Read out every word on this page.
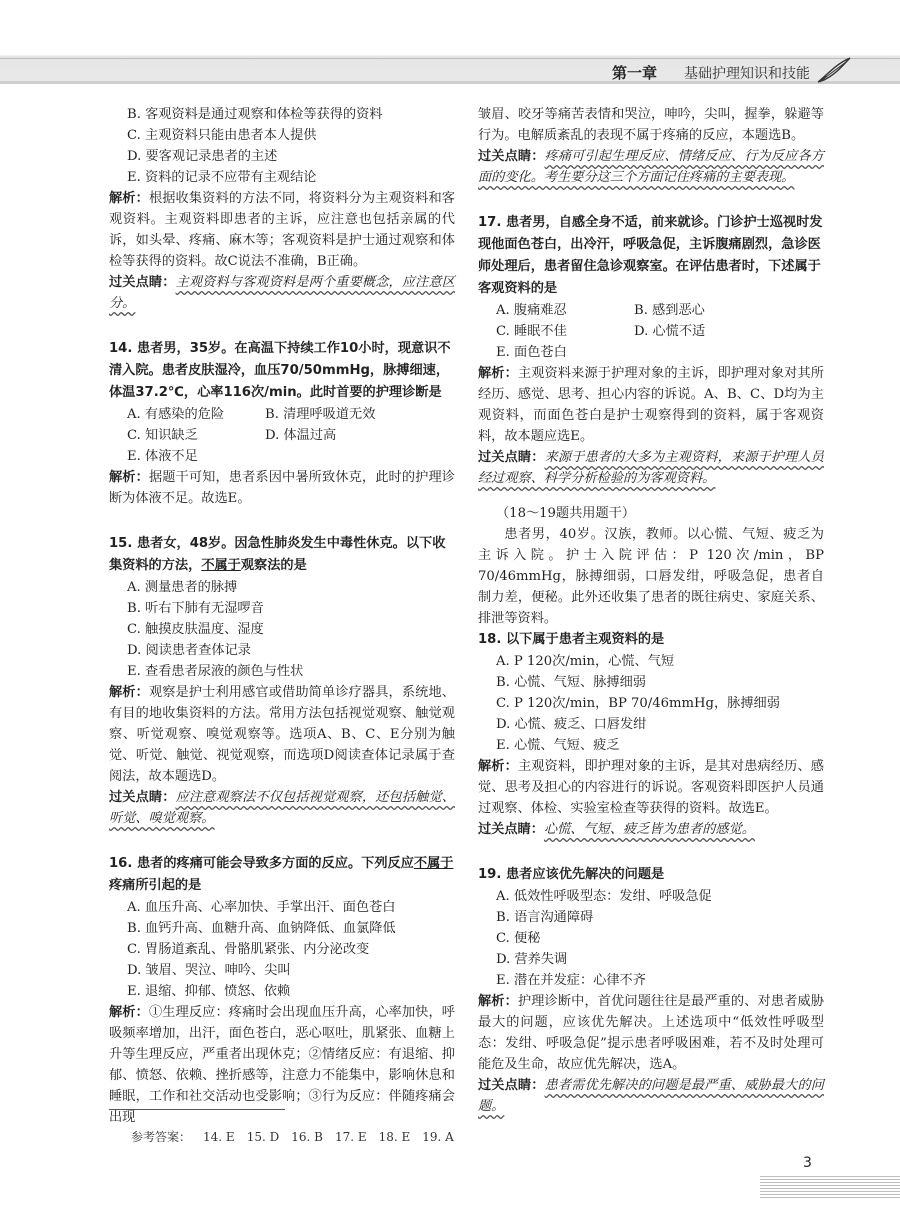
第一章 基础护理知识和技能

B. 客观资料是通过观察和体检等获得的资料

C. 主观资料只能由患者本人提供

D. 要客观记录患者的主述

E. 资料的记录不应带有主观结论

解析：根据收集资料的方法不同，将资料分为主观资料和客观资料。主观资料即患者的主诉，应注意也包括亲属的代诉，如头晕、疼痛、麻木等；客观资料是护士通过观察和体检等获得的资料。故C说法不准确，B正确。

过关点睛：主观资料与客观资料是两个重要概念，应注意区分。

14. 患者男，35岁。在高温下持续工作10小时，现意识不清入院。患者皮肤湿冷，血压70/50mmHg，脉搏细速，体温37.2℃，心率116次/min。此时首要的护理诊断是

A. 有感染的危险	B. 清理呼吸道无效
C. 知识缺乏	D. 体温过高

E. 体液不足

解析：据题干可知，患者系因中暑所致休克，此时的护理诊断为体液不足。故选E。

15. 患者女，48岁。因急性肺炎发生中毒性休克。以下收集资料的方法，不属于观察法的是

A. 测量患者的脉搏

B. 听右下肺有无湿啰音

C. 触摸皮肤温度、湿度

D. 阅读患者查体记录

E. 查看患者尿液的颜色与性状

解析：观察是护士利用感官或借助简单诊疗器具，系统地、有目的地收集资料的方法。常用方法包括视觉观察、触觉观察、听觉观察、嗅觉观察等。选项A、B、C、E分别为触觉、听觉、触觉、视觉观察，而选项D阅读查体记录属于查阅法，故本题选D。

过关点睛：应注意观察法不仅包括视觉观察，还包括触觉、听觉、嗅觉观察。

16. 患者的疼痛可能会导致多方面的反应。下列反应不属于疼痛所引起的是

A. 血压升高、心率加快、手掌出汗、面色苍白

B. 血钙升高、血糖升高、血钠降低、血氯降低

C. 胃肠道紊乱、骨骼肌紧张、内分泌改变

D. 皱眉、哭泣、呻吟、尖叫

E. 退缩、抑郁、愤怒、依赖

解析：①生理反应：疼痛时会出现血压升高，心率加快，呼吸频率增加，出汗，面色苍白，恶心呕吐，肌紧张、血糖上升等生理反应，严重者出现休克；②情绪反应：有退缩、抑郁、愤怒、依赖、挫折感等，注意力不能集中，影响休息和睡眠，工作和社交活动也受影响；③行为反应：伴随疼痛会出现

皱眉、咬牙等痛苦表情和哭泣，呻吟，尖叫，握拳，躲避等行为。电解质紊乱的表现不属于疼痛的反应，本题选B。

过关点睛：疼痛可引起生理反应、情绪反应、行为反应各方面的变化。考生要分这三个方面记住疼痛的主要表现。

17. 患者男，自感全身不适，前来就诊。门诊护士巡视时发现他面色苍白，出冷汗，呼吸急促，主诉腹痛剧烈，急诊医师处理后，患者留住急诊观察室。在评估患者时，下述属于客观资料的是

A. 腹痛难忍	B. 感到恶心
C. 睡眠不佳	D. 心慌不适

E. 面色苍白

解析：主观资料来源于护理对象的主诉，即护理对象对其所经历、感觉、思考、担心内容的诉说。A、B、C、D均为主观资料，而面色苍白是护士观察得到的资料，属于客观资料，故本题应选E。

过关点睛：来源于患者的大多为主观资料，来源于护理人员经过观察、科学分析检验的为客观资料。

（18～19题共用题干）

患者男，40岁。汉族，教师。以心慌、气短、疲乏为主诉入院。护士入院评估：P 120次/min，BP 70/46mmHg，脉搏细弱，口唇发绀，呼吸急促，患者自制力差，便秘。此外还收集了患者的既往病史、家庭关系、排泄等资料。

18. 以下属于患者主观资料的是

A. P 120次/min，心慌、气短

B. 心慌、气短、脉搏细弱

C. P 120次/min，BP 70/46mmHg，脉搏细弱

D. 心慌、疲乏、口唇发绀

E. 心慌、气短、疲乏

解析：主观资料，即护理对象的主诉，是其对患病经历、感觉、思考及担心的内容进行的诉说。客观资料即医护人员通过观察、体检、实验室检查等获得的资料。故选E。

过关点睛：心慌、气短、疲乏皆为患者的感觉。

19. 患者应该优先解决的问题是

A. 低效性呼吸型态：发绀、呼吸急促

B. 语言沟通障碍

C. 便秘

D. 营养失调

E. 潜在并发症：心律不齐

解析：护理诊断中，首优问题往往是最严重的、对患者威胁最大的问题，应该优先解决。上述选项中“低效性呼吸型态：发绀、呼吸急促”提示患者呼吸困难，若不及时处理可能危及生命，故应优先解决，选A。

过关点睛：患者需优先解决的问题是最严重、威胁最大的问题。

参考答案： 14. E 15. D 16. B 17. E 18. E 19. A
3
